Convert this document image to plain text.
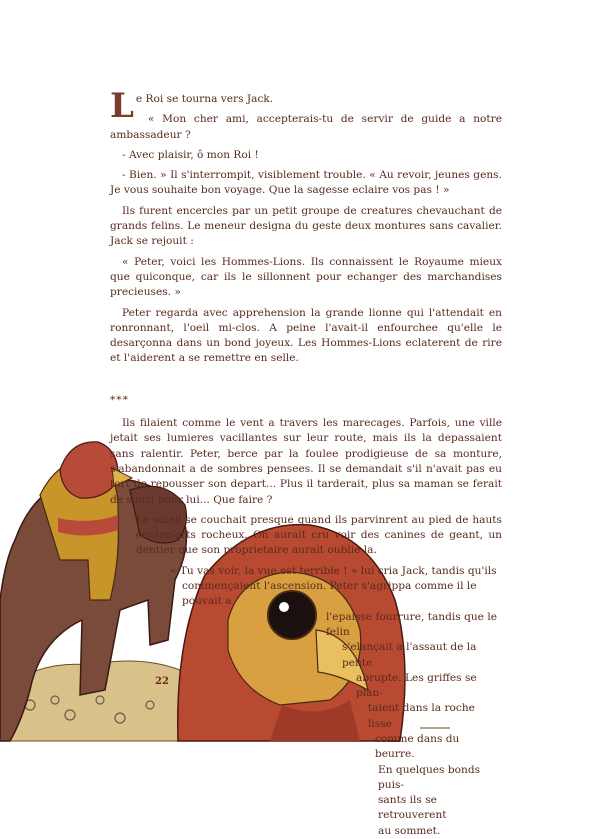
Le Roi se tourna vers Jack.

« Mon cher ami, accepterais-tu de servir de guide a notre ambassadeur ?

- Avec plaisir, ô mon Roi !

- Bien. » Il s'interrompit, visiblement trouble. « Au revoir, jeunes gens. Je vous souhaite bon voyage. Que la sagesse eclaire vos pas ! »

Ils furent encercles par un petit groupe de creatures chevauchant de grands felins. Le meneur designa du geste deux montures sans cavalier. Jack se rejouit :

« Peter, voici les Hommes-Lions. Ils connaissent le Royaume mieux que quiconque, car ils le sillonnent pour echanger des marchandises precieuses. »

Peter regarda avec apprehension la grande lionne qui l'attendait en ronronnant, l'oeil mi-clos. A peine l'avait-il enfourchee qu'elle le desarçonna dans un bond joyeux. Les Hommes-Lions eclaterent de rire et l'aiderent a se remettre en selle.

***

Ils filaient comme le vent a travers les marecages. Parfois, une ville jetait ses lumieres vacillantes sur leur route, mais ils la depassaient sans ralentir. Peter, berce par la foulee prodigieuse de sa monture, s'abandonnait a de sombres pensees. Il se demandait s'il n'avait pas eu tort de repousser son depart... Plus il tarderait, plus sa maman se ferait de souci pour lui... Que faire ?

Le soleil se couchait presque quand ils parvinrent au pied de hauts contreforts rocheux. On aurait cru voir des canines de geant, un dentier que son proprietaire aurait oublie la.

« Tu vas voir, la vue est terrible ! » lui cria Jack, tandis qu'ils
commençaient l'ascension. Peter s'agrippa comme il le pouvait a
l'epaisse fourrure, tandis que le felin
s'elançait a l'assaut de la pente
abrupte. Les griffes se plan-
taient dans la roche lisse
comme dans du beurre.
En quelques bonds puis-
sants ils se retrouverent
au sommet.
22
